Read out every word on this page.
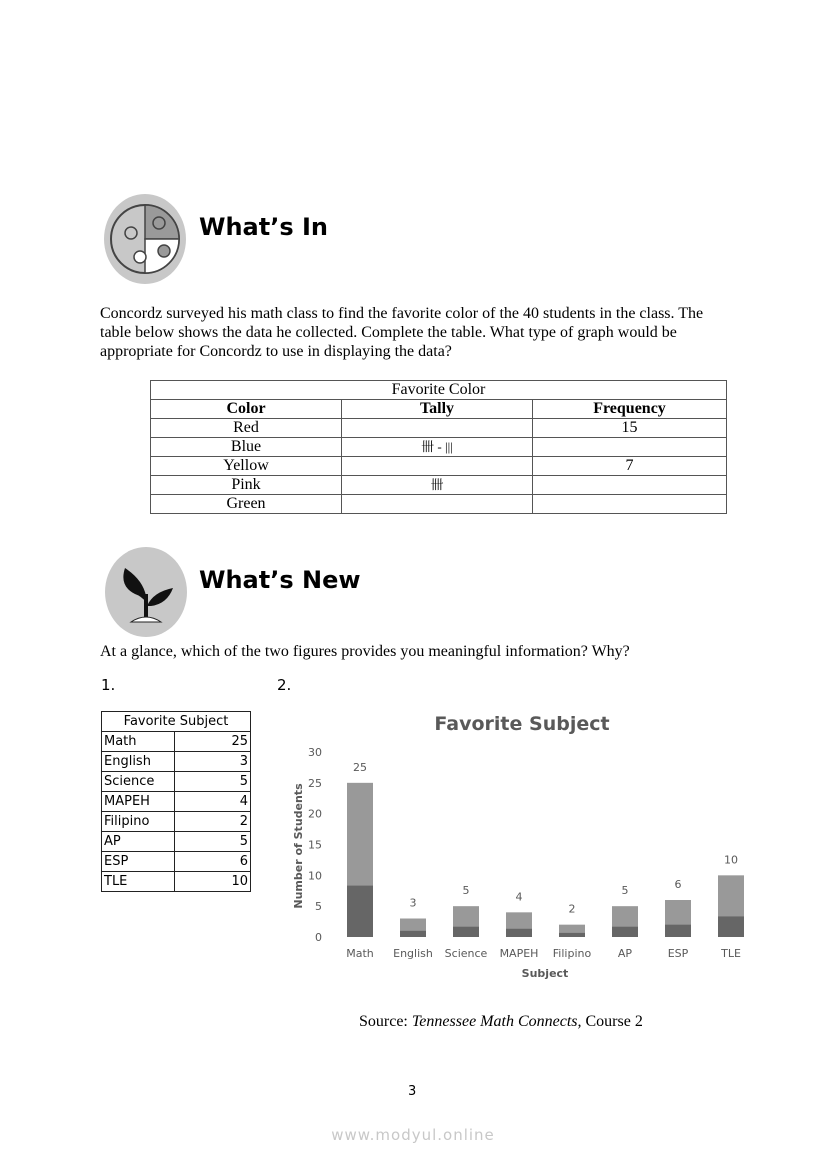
What’s In
Concordz surveyed his math class to find the favorite color of the 40 students in the class. The table below shows the data he collected. Complete the table. What type of graph would be appropriate for Concordz to use in displaying the data?
Favorite Color		
Color	Tally	Frequency
Red		15
Blue	卌 - |||	
Yellow		7
Pink	卌	
Green		
What’s New
At a glance, which of the two figures provides you meaningful information? Why?
1.	2.
Favorite Subject	
Math	25
English	3
Science	5
MAPEH	4
Filipino	2
AP	5
ESP	6
TLE	10
Favorite Subject
Subject
Number of Students
0
5
10
15
20
25
30
25
Math
3
English
5
Science
4
MAPEH
2
Filipino
5
AP
6
ESP
10
TLE
Source: Tennessee Math Connects, Course 2
3
www.modyul.online
